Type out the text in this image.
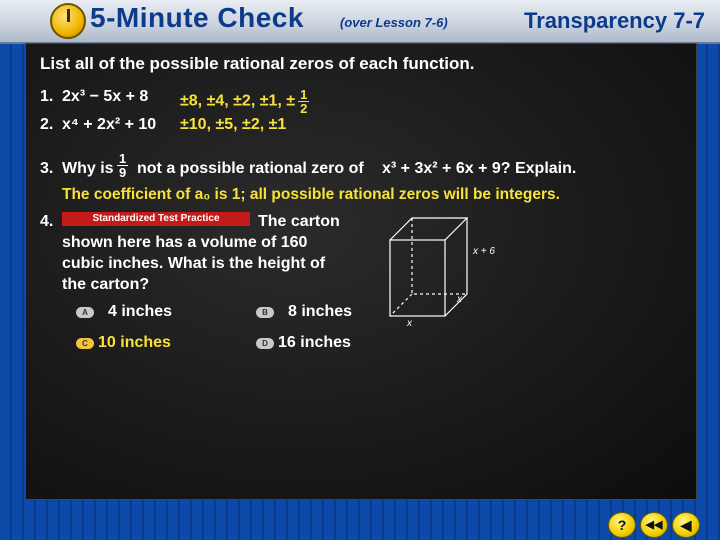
5-Minute Check	(over Lesson 7-6)	Transparency 7-7
List all of the possible rational zeros of each function.
1. 2x³ − 5x + 8 ±8, ±4, ±2, ±1, ± $\frac{1}{2}$
2. x⁴ + 2x² + 10 ±10, ±5, ±2, ±1
3. Why is $\frac{1}{9}$ not a possible rational zero of x³ + 3x² + 6x + 9? Explain.
The coefficient of a₀ is 1; all possible rational zeros will be integers.
4.	Standardized Test Practice	The carton
shown here has a volume of 160
cubic inches. What is the height of
the carton?
x + 6
x
x
A	4 inches	B	8 inches
C 10 inches	D 16 inches
?	◀◀	◀
